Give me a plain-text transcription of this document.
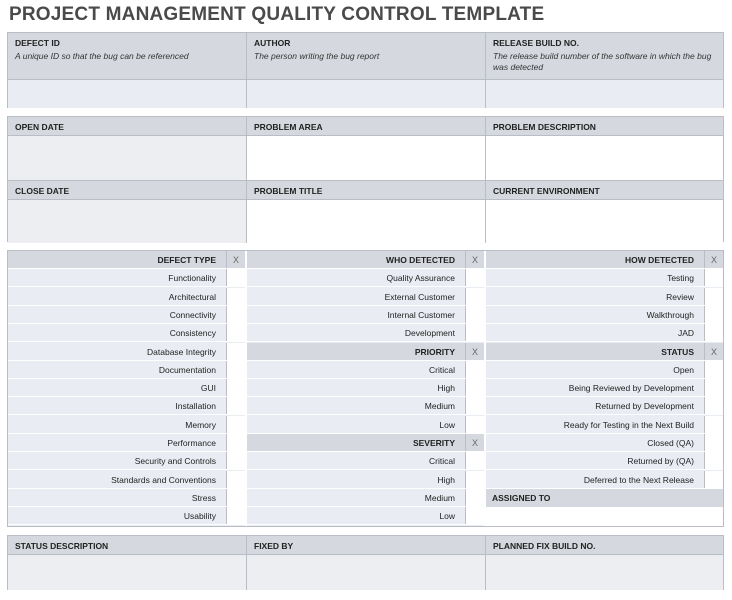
PROJECT MANAGEMENT QUALITY CONTROL TEMPLATE
DEFECT ID
A unique ID so that the bug can be referenced
AUTHOR
The person writing the bug report
RELEASE BUILD NO.
The release build number of the software in which the bug was detected
OPEN DATE	PROBLEM AREA	PROBLEM DESCRIPTION
CLOSE DATE	PROBLEM TITLE	CURRENT ENVIRONMENT
DEFECT TYPE	X
Functionality
Architectural
Connectivity
Consistency
Database Integrity
Documentation
GUI
Installation
Memory
Performance
Security and Controls
Standards and Conventions
Stress
Usability
WHO DETECTED	X
Quality Assurance
External Customer
Internal Customer
Development
PRIORITY	X
Critical
High
Medium
Low
SEVERITY	X
Critical
High
Medium
Low
HOW DETECTED	X
Testing
Review
Walkthrough
JAD
STATUS	X
Open
Being Reviewed by Development
Returned by Development
Ready for Testing in the Next Build
Closed (QA)
Returned by (QA)
Deferred to the Next Release
ASSIGNED TO
STATUS DESCRIPTION	FIXED BY	PLANNED FIX BUILD NO.
